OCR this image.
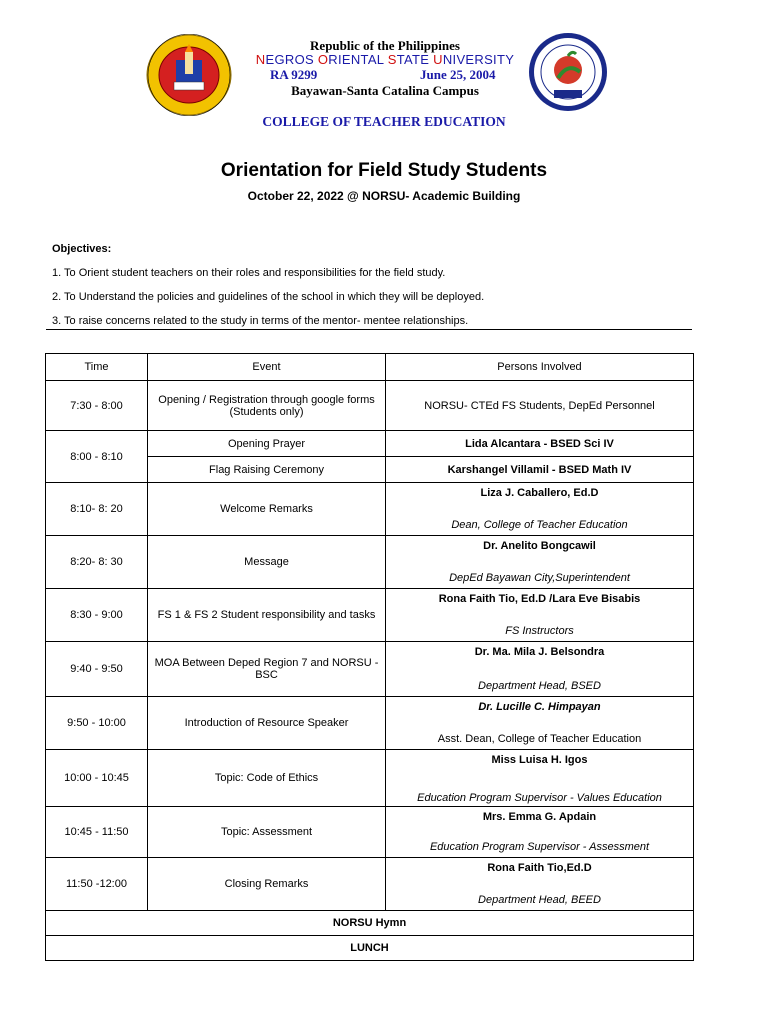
Republic of the Philippines
NEGROS ORIENTAL STATE UNIVERSITY
RA 9299	June 25, 2004
Bayawan-Santa Catalina Campus
COLLEGE OF TEACHER EDUCATION
Orientation for Field Study Students
October 22, 2022 @ NORSU- Academic Building
Objectives:
1. To Orient student teachers on their roles and responsibilities for the field study.
2. To Understand the policies and guidelines of the school in which they will be deployed.
3. To raise concerns related to the study in terms of the mentor- mentee relationships.
Time	Event	Persons Involved
7:30 - 8:00	Opening / Registration through google forms (Students only)	NORSU- CTEd FS Students, DepEd Personnel
8:00 - 8:10	Opening Prayer	Lida Alcantara - BSED Sci IV

	Flag Raising Ceremony	Karshangel Villamil - BSED Math IV

8:10- 8: 20	Welcome Remarks	Liza J. Caballero, Ed.D
Dean, College of Teacher Education

8:20- 8: 30	Message	Dr. Anelito Bongcawil
DepEd Bayawan City,Superintendent

8:30 - 9:00	FS 1 & FS 2 Student responsibility and tasks	Rona Faith Tio, Ed.D /Lara Eve Bisabis
FS Instructors

9:40 - 9:50	MOA Between Deped Region 7 and NORSU -BSC	Dr. Ma. Mila J. Belsondra
Department Head, BSED

9:50 - 10:00	Introduction of Resource Speaker	Dr. Lucille C. Himpayan
Asst. Dean, College of Teacher Education

10:00 - 10:45	Topic: Code of Ethics	Miss Luisa H. Igos
Education Program Supervisor - Values Education

10:45 - 11:50	Topic: Assessment	Mrs. Emma G. Apdain
Education Program Supervisor - Assessment

11:50 -12:00	Closing Remarks	Rona Faith Tio,Ed.D
Department Head, BEED

NORSU Hymn		
LUNCH		
